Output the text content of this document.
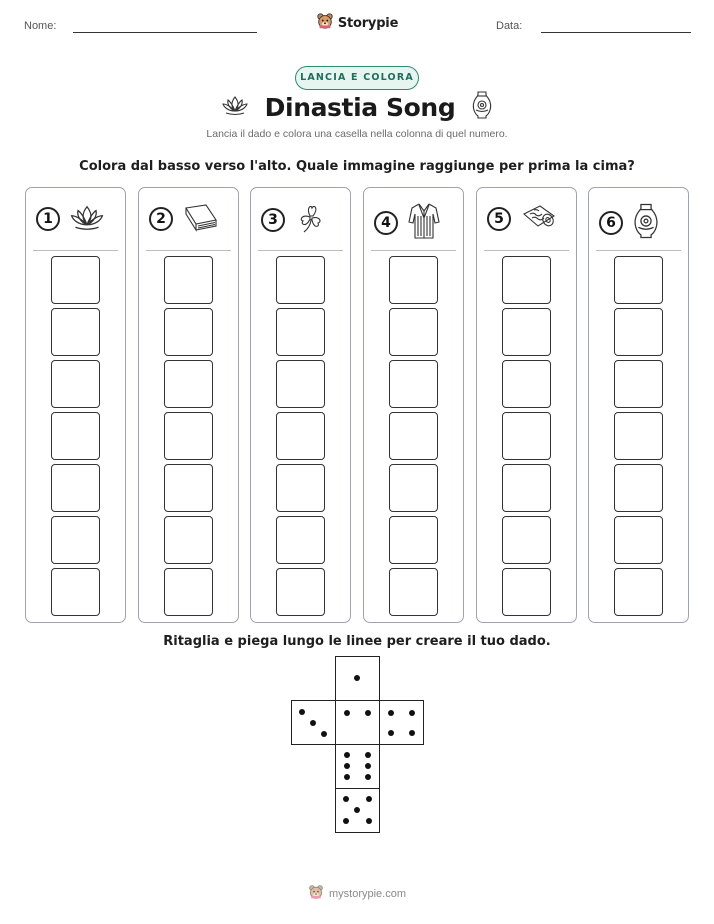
Nome:	Data:
Storypie
LANCIA E COLORA
Dinastia Song
Lancia il dado e colora una casella nella colonna di quel numero.
Colora dal basso verso l'alto. Quale immagine raggiunge per prima la cima?
1	2	3	4	5	6
Ritaglia e piega lungo le linee per creare il tuo dado.
mystorypie.com
